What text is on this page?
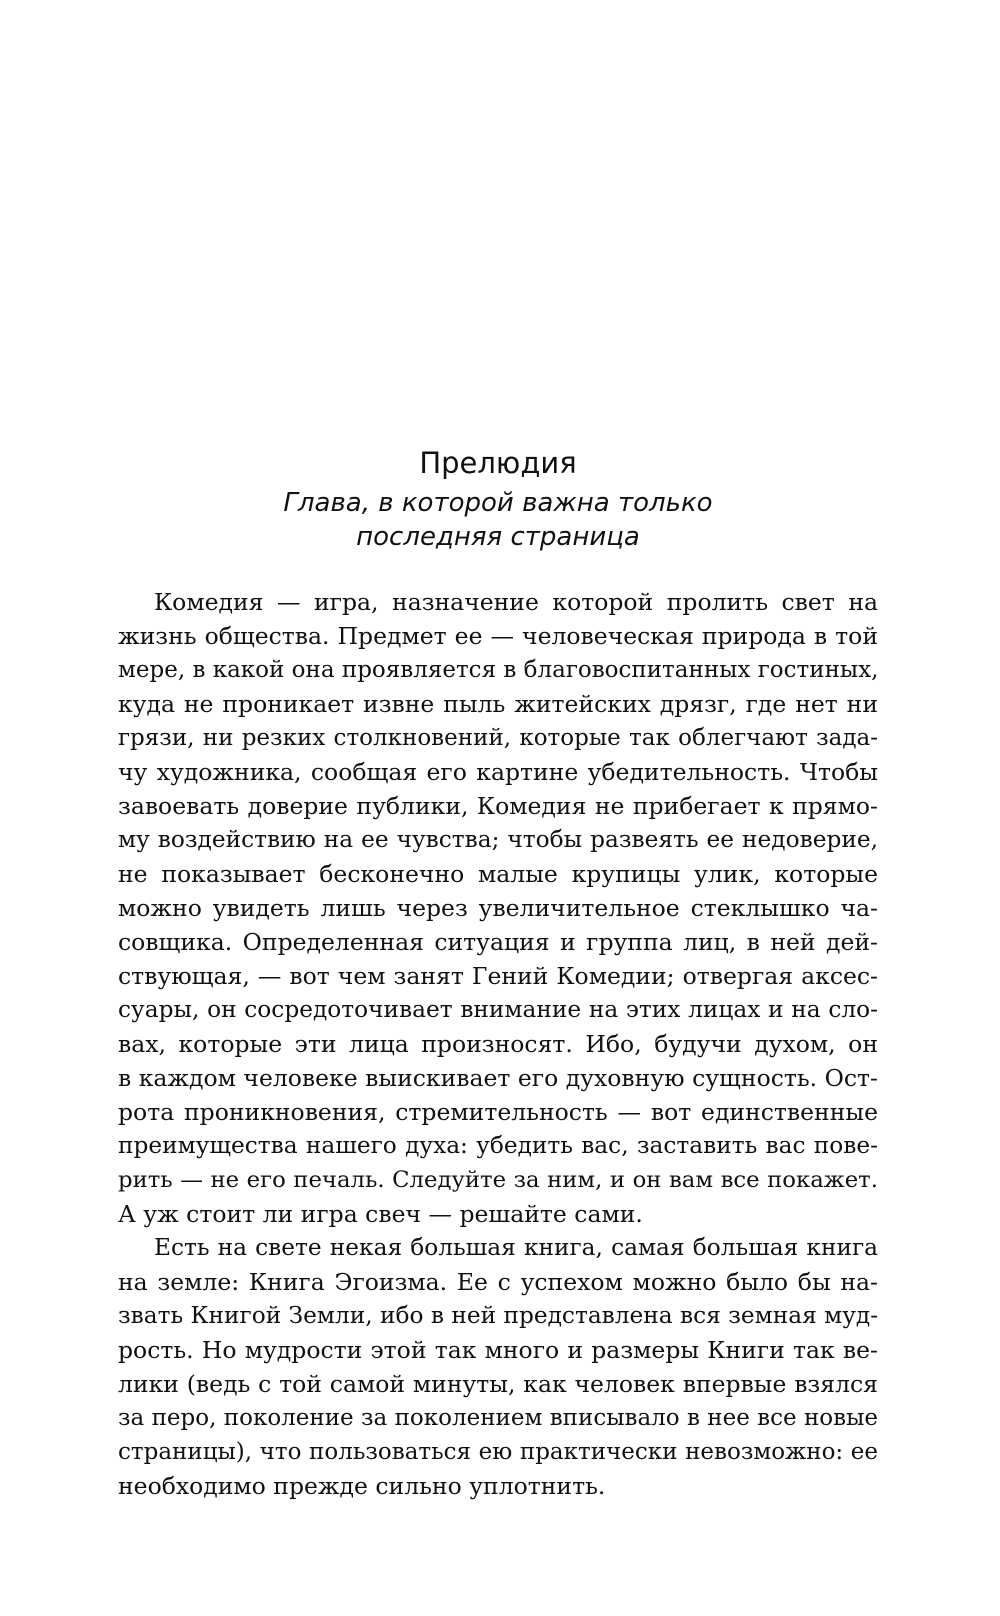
Прелюдия

Глава, в которой важна только
последняя страница

Комедия — игра, назначение которой пролить свет на
жизнь общества. Предмет ее — человеческая природа в той
мере, в какой она проявляется в благовоспитанных гостиных,
куда не проникает извне пыль житейских дрязг, где нет ни
грязи, ни резких столкновений, которые так облегчают зада-
чу художника, сообщая его картине убедительность. Чтобы
завоевать доверие публики, Комедия не прибегает к прямо-
му воздействию на ее чувства; чтобы развеять ее недоверие,
не показывает бесконечно малые крупицы улик, которые
можно увидеть лишь через увеличительное стеклышко ча-
совщика. Определенная ситуация и группа лиц, в ней дей-
ствующая, — вот чем занят Гений Комедии; отвергая аксес-
суары, он сосредоточивает внимание на этих лицах и на сло-
вах, которые эти лица произносят. Ибо, будучи духом, он
в каждом человеке выискивает его духовную сущность. Ост-
рота проникновения, стремительность — вот единственные
преимущества нашего духа: убедить вас, заставить вас пове-
рить — не его печаль. Следуйте за ним, и он вам все покажет.
А уж стоит ли игра свеч — решайте сами.

Есть на свете некая большая книга, самая большая книга
на земле: Книга Эгоизма. Ее с успехом можно было бы на-
звать Книгой Земли, ибо в ней представлена вся земная муд-
рость. Но мудрости этой так много и размеры Книги так ве-
лики (ведь с той самой минуты, как человек впервые взялся
за перо, поколение за поколением вписывало в нее все новые
страницы), что пользоваться ею практически невозможно: ее
необходимо прежде сильно уплотнить.
